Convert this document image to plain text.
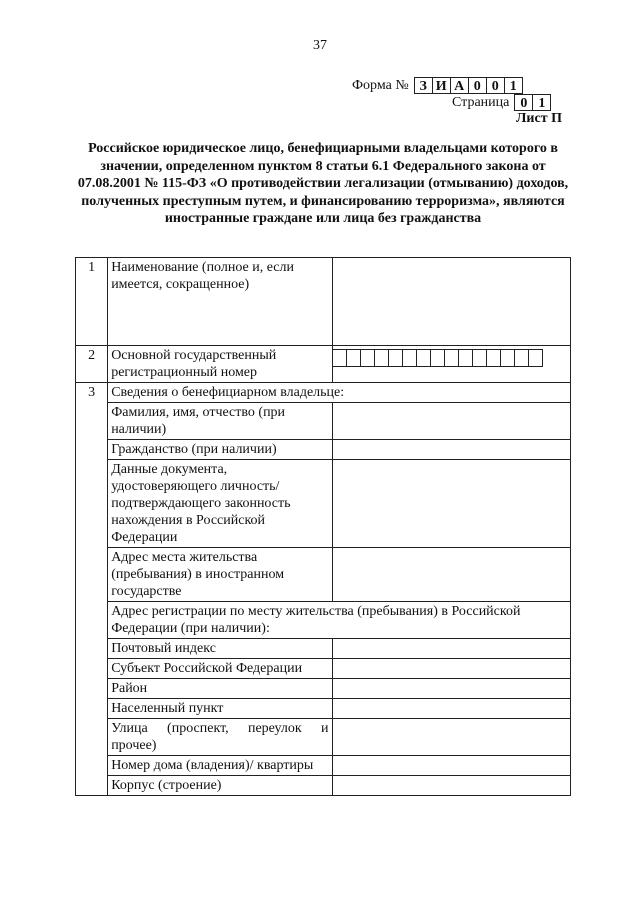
37
Форма № З И А 0 0 1
Страница 0 1
Лист П
Российское юридическое лицо, бенефициарными владельцами которого в значении, определенном пунктом 8 статьи 6.1 Федерального закона от 07.08.2001 № 115-ФЗ «О противодействии легализации (отмыванию) доходов, полученных преступным путем, и финансированию терроризма», являются иностранные граждане или лица без гражданства
1	Наименование (полное и, если имеется, сокращенное)	
2	Основной государственный регистрационный номер	

3	Сведения о бенефициарном владельце:	
	Фамилия, имя, отчество (при наличии)	
	Гражданство (при наличии)	
	Данные документа, удостоверяющего личность/ подтверждающего законность нахождения в Российской Федерации	
	Адрес места жительства (пребывания) в иностранном государстве	
	Адрес регистрации по месту жительства (пребывания) в Российской Федерации (при наличии):	
	Почтовый индекс	
	Субъект Российской Федерации	
	Район	
	Населенный пункт	
	Улица (проспект, переулок и прочее)	
	Номер дома (владения)/ квартиры	
	Корпус (строение)	
